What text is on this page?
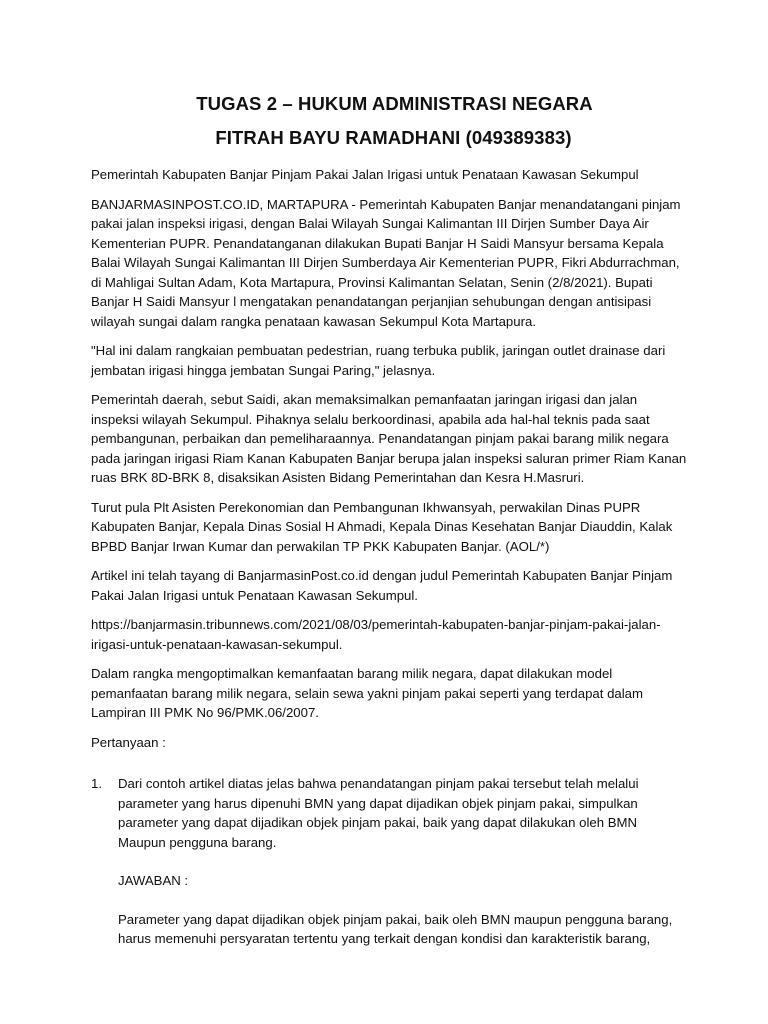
TUGAS 2 – HUKUM ADMINISTRASI NEGARA
FITRAH BAYU RAMADHANI (049389383)

Pemerintah Kabupaten Banjar Pinjam Pakai Jalan Irigasi untuk Penataan Kawasan Sekumpul

BANJARMASINPOST.CO.ID, MARTAPURA - Pemerintah Kabupaten Banjar menandatangani pinjam pakai jalan inspeksi irigasi, dengan Balai Wilayah Sungai Kalimantan III Dirjen Sumber Daya Air Kementerian PUPR. Penandatanganan dilakukan Bupati Banjar H Saidi Mansyur bersama Kepala Balai Wilayah Sungai Kalimantan III Dirjen Sumberdaya Air Kementerian PUPR, Fikri Abdurrachman, di Mahligai Sultan Adam, Kota Martapura, Provinsi Kalimantan Selatan, Senin (2/8/2021). Bupati Banjar H Saidi Mansyur l mengatakan penandatangan perjanjian sehubungan dengan antisipasi wilayah sungai dalam rangka penataan kawasan Sekumpul Kota Martapura.

"Hal ini dalam rangkaian pembuatan pedestrian, ruang terbuka publik, jaringan outlet drainase dari jembatan irigasi hingga jembatan Sungai Paring," jelasnya.

Pemerintah daerah, sebut Saidi, akan memaksimalkan pemanfaatan jaringan irigasi dan jalan inspeksi wilayah Sekumpul. Pihaknya selalu berkoordinasi, apabila ada hal-hal teknis pada saat pembangunan, perbaikan dan pemeliharaannya. Penandatangan pinjam pakai barang milik negara pada jaringan irigasi Riam Kanan Kabupaten Banjar berupa jalan inspeksi saluran primer Riam Kanan ruas BRK 8D-BRK 8, disaksikan Asisten Bidang Pemerintahan dan Kesra H.Masruri.

Turut pula Plt Asisten Perekonomian dan Pembangunan Ikhwansyah, perwakilan Dinas PUPR Kabupaten Banjar, Kepala Dinas Sosial H Ahmadi, Kepala Dinas Kesehatan Banjar Diauddin, Kalak BPBD Banjar Irwan Kumar dan perwakilan TP PKK Kabupaten Banjar. (AOL/*)

Artikel ini telah tayang di BanjarmasinPost.co.id dengan judul Pemerintah Kabupaten Banjar Pinjam Pakai Jalan Irigasi untuk Penataan Kawasan Sekumpul.

https://banjarmasin.tribunnews.com/2021/08/03/pemerintah-kabupaten-banjar-pinjam-pakai-jalan-irigasi-untuk-penataan-kawasan-sekumpul.

Dalam rangka mengoptimalkan kemanfaatan barang milik negara, dapat dilakukan model pemanfaatan barang milik negara, selain sewa yakni pinjam pakai seperti yang terdapat dalam Lampiran III PMK No 96/PMK.06/2007.

Pertanyaan :

1. Dari contoh artikel diatas jelas bahwa penandatangan pinjam pakai tersebut telah melalui parameter yang harus dipenuhi BMN yang dapat dijadikan objek pinjam pakai, simpulkan parameter yang dapat dijadikan objek pinjam pakai, baik yang dapat dilakukan oleh BMN Maupun pengguna barang.
JAWABAN :
Parameter yang dapat dijadikan objek pinjam pakai, baik oleh BMN maupun pengguna barang, harus memenuhi persyaratan tertentu yang terkait dengan kondisi dan karakteristik barang,
